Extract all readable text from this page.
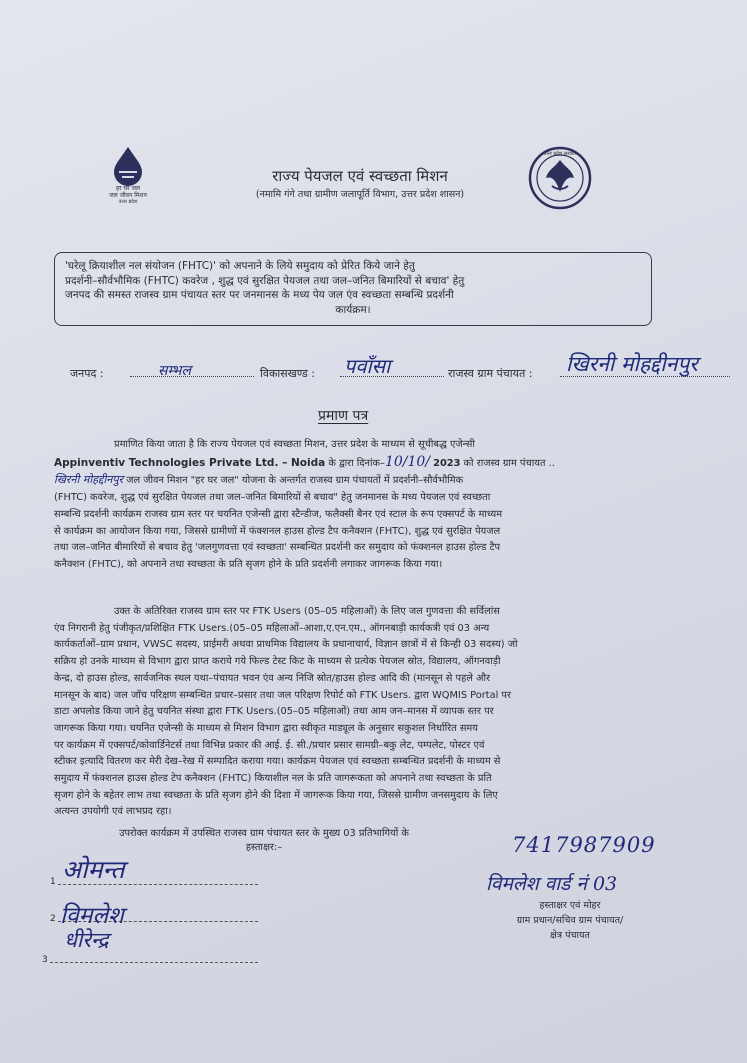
हर घर जल
जल जीवन मिशन
उत्तर प्रदेश
राज्य पेयजल एवं स्वच्छता मिशन
(नमामि गंगे तथा ग्रामीण जलापूर्ति विभाग, उत्तर प्रदेश शासन)
उत्तर प्रदेश सरकार
'घरेलू क्रियाशील नल संयोजन (FHTC)' को अपनाने के लिये समुदाय को प्रेरित किये जाने हेतु
प्रदर्शनी–सौर्वभौमिक (FHTC) कवरेज , शुद्ध एवं सुरक्षित पेयजल तथा जल–जनित बिमारियों से बचाव' हेतु
जनपद की समस्त राजस्व ग्राम पंचायत स्तर पर जनमानस के मध्य पेय जल एंव स्वच्छता सम्बन्धि प्रदर्शनी
कार्यक्रम।
जनपद :	सम्भल	विकासखण्ड : पवाँसा	राजस्व ग्राम पंचायत : खिरनी मोहद्दीनपुर
प्रमाण पत्र
प्रमाणित किया जाता है कि राज्य पेयजल एवं स्वच्छता मिशन, उत्तर प्रदेश के माध्यम से सूचीबद्ध एजेन्सी
Appinventiv Technologies Private Ltd. – Noida के द्वारा दिनांक–10/10/ 2023 को राजस्व ग्राम पंचायत ..
खिरनी मोहद्दीनपुर जल जीवन मिशन "हर घर जल" योजना के अन्तर्गत राजस्व ग्राम पंचायतों में प्रदर्शनी–सौर्वभौमिक
(FHTC) कवरेज, शुद्ध एवं सुरक्षित पेयजल तथा जल–जनित बिमारियों से बचाव" हेतु जनमानस के मध्य पेयजल एवं स्वच्छता
सम्बन्धि प्रदर्शनी कार्यक्रम राजस्व ग्राम स्तर पर चयनित एजेन्सी द्वारा स्टैन्डीज, फलैक्सी बैनर एवं स्टाल के रूप एक्सपर्ट के माध्यम
से कार्यक्रम का आयोजन किया गया, जिससे ग्रामीणों में फंक्शनल हाउस होल्ड टैप कनैक्शन (FHTC), शुद्ध एवं सुरक्षित पेयजल
तथा जल–जनित बीमारियों से बचाव हेतु 'जलगुणवत्ता एवं स्वच्छता' सम्बन्धित प्रदर्शनी कर समुदाय को फंक्शनल हाउस होल्ड टैप
कनैक्शन (FHTC), को अपनाने तथा स्वच्छता के प्रति सृजग होने के प्रति प्रदर्शनी लगाकर जागरूक किया गया।
उक्त के अतिरिक्त राजस्व ग्राम स्तर पर FTK Users (05–05 महिलाओं) के लिए जल गुणवत्ता की सर्विलांस
एंव निगरानी हेतु पंजीकृत/प्रशिक्षित FTK Users.(05–05 महिलाओं–आशा,ए.एन.एम., ऑगनबाड़ी कार्यकत्री एवं 03 अन्य
कार्यकर्ताओं–ग्राम प्रधान, VWSC सदस्य, प्राईमरी अथवा प्राथमिक विद्यालय के प्रधानाचार्य, विज्ञान छात्रों में से किन्ही 03 सदस्य) जो
सक्रिय हो उनके माध्यम से विभाग द्वारा प्राप्त कराये गये फिल्ड टेस्ट किट के माध्यम से प्रत्येक पेयजल स्रोत, विद्यालय, ऑगनवाड़ी
केन्द्र, दो हाउस होल्ड, सार्वजनिक स्थल यथा–पंचायत भवन एंव अन्य निजि स्रोत/हाउस होल्ड आदि की (मानसून से पहले और
मानसून के बाद) जल जॉच परिक्षण सम्बन्धित प्रचार–प्रसार तथा जल परिक्षण रिपोर्ट को FTK Users. द्वारा WQMIS Portal पर
डाटा अपलोड किया जाने हेतु चयनित संस्था द्वारा FTK Users.(05–05 महिलाओं) तथा आम जन–मानस में व्यापक स्तर पर
जागरूक किया गया। चयनित एजेन्सी के माध्यम से मिशन विभाग द्वारा स्वीकृत माड्यूल के अनुसार सकुशल निर्धारित समय
पर कार्यक्रम में एक्सपर्ट/कोवार्डिनेटर्स तथा विभिन्न प्रकार की आई. ई. सी./प्रचार प्रसार सामग्री–बकु लेट, पम्पलेट, पोस्टर एवं
स्टीकर इत्यादि वितरण कर मेरी देख–रेख में सम्पादित कराया गया। कार्यक्रम पेयजल एवं स्वच्छता सम्बन्धित प्रदर्शनी के माध्यम से
समुदाय में फंक्शनल हाउस होल्ड टेप कनैक्शन (FHTC) कियाशील नल के प्रति जागरूकता को अपनाने तथा स्वच्छता के प्रति
सृजग होने के बहेतर लाभ तथा स्वच्छता के प्रति सृजग होने की दिशा में जागरूक किया गया, जिससे ग्रामीण जनसमुदाय के लिए
अत्यन्त उपयोगी एवं लाभप्रद रहा।
उपरोक्त कार्यक्रम में उपस्थित राजस्व ग्राम पंचायत स्तर के मुख्य 03 प्रतिभागियों के
हस्ताक्षर:–
1 ओमन्त
2 विमलेश
धीरेन्द्र
3
7417987909
विमलेश वार्ड नं 03
हस्ताक्षर एवं मोहर
ग्राम प्रधान/सचिव ग्राम पंचायत/
क्षेत्र पंचायत
